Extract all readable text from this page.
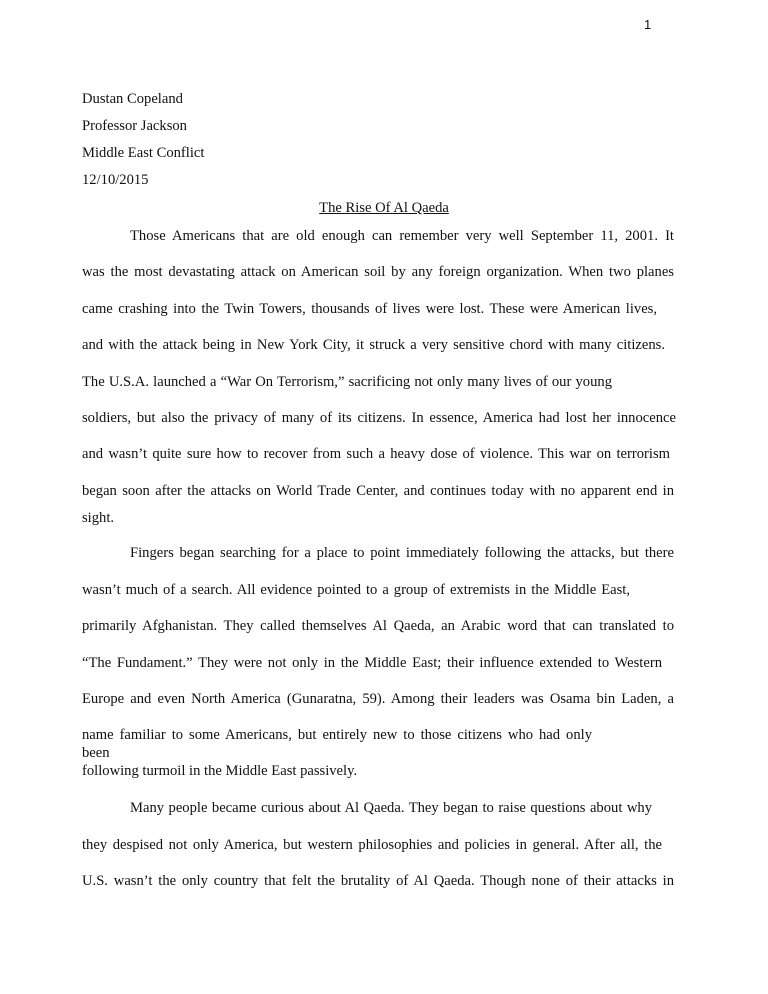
1
Dustan Copeland
Professor Jackson
Middle East Conflict
12/10/2015
The Rise Of Al Qaeda
Those Americans that are old enough can remember very well September 11, 2001. It
was the most devastating attack on American soil by any foreign organization. When two planes
came crashing into the Twin Towers, thousands of lives were lost. These were American lives,
and with the attack being in New York City, it struck a very sensitive chord with many citizens.
The U.S.A. launched a “War On Terrorism,” sacrificing not only many lives of our young
soldiers, but also the privacy of many of its citizens. In essence, America had lost her innocence
and wasn’t quite sure how to recover from such a heavy dose of violence. This war on terrorism
began soon after the attacks on World Trade Center, and continues today with no apparent end in
sight.
Fingers began searching for a place to point immediately following the attacks, but there
wasn’t much of a search. All evidence pointed to a group of extremists in the Middle East,
primarily Afghanistan. They called themselves Al Qaeda, an Arabic word that can translated to
“The Fundament.” They were not only in the Middle East; their influence extended to Western
Europe and even North America (Gunaratna, 59). Among their leaders was Osama bin Laden, a
name familiar to some Americans, but entirely new to those citizens who had only been
following turmoil in the Middle East passively.
Many people became curious about Al Qaeda. They began to raise questions about why
they despised not only America, but western philosophies and policies in general. After all, the
U.S. wasn’t the only country that felt the brutality of Al Qaeda. Though none of their attacks in
